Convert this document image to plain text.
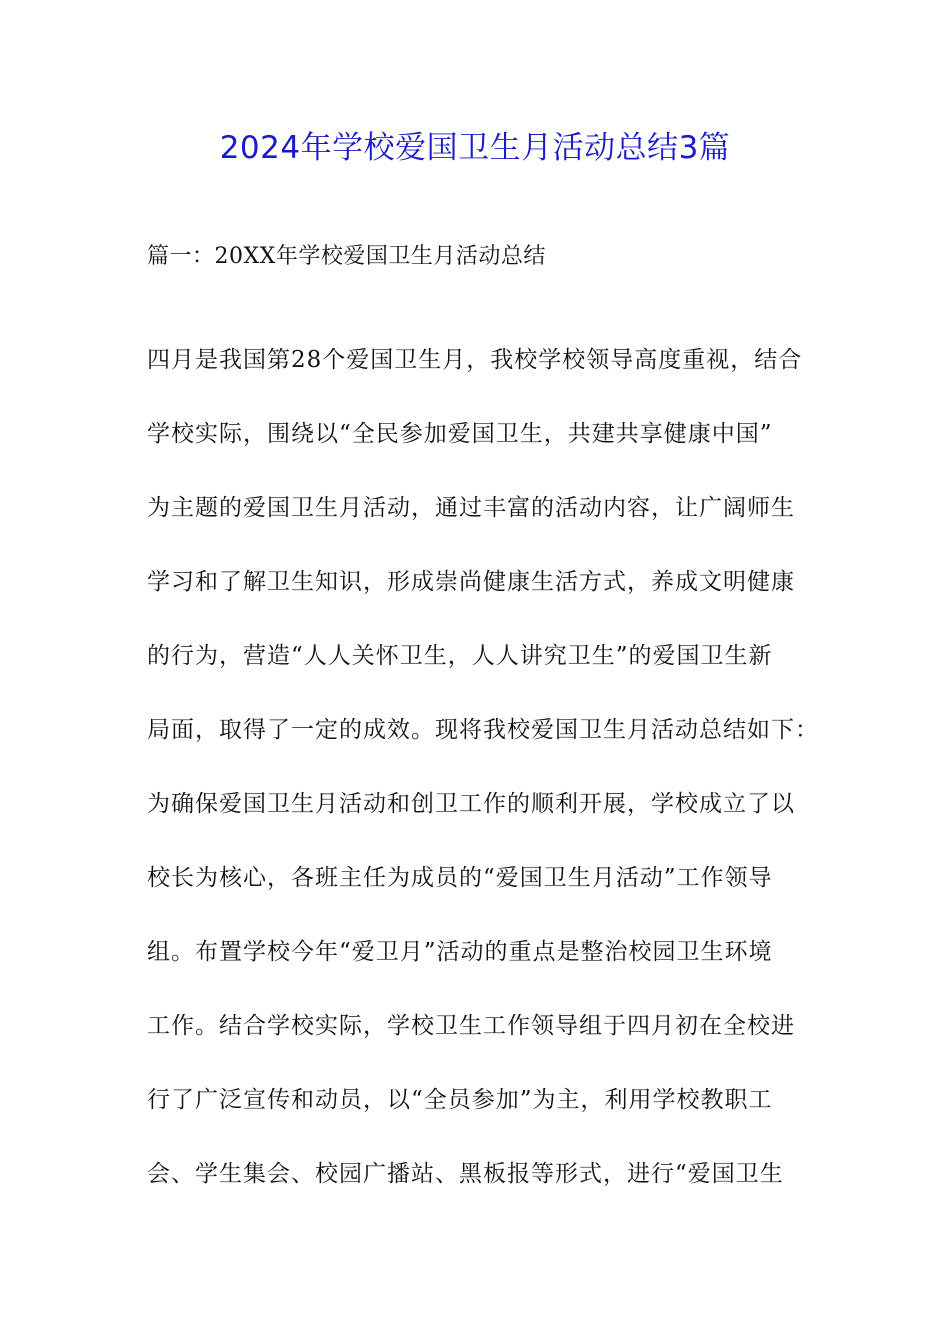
2024年学校爱国卫生月活动总结3篇
篇一：20XX年学校爱国卫生月活动总结
四月是我国第28个爱国卫生月，我校学校领导高度重视，结合
学校实际，围绕以“全民参加爱国卫生，共建共享健康中国”
为主题的爱国卫生月活动，通过丰富的活动内容，让广阔师生
学习和了解卫生知识，形成崇尚健康生活方式，养成文明健康
的行为，营造“人人关怀卫生，人人讲究卫生”的爱国卫生新
局面，取得了一定的成效。现将我校爱国卫生月活动总结如下：
为确保爱国卫生月活动和创卫工作的顺利开展，学校成立了以
校长为核心，各班主任为成员的“爱国卫生月活动”工作领导
组。布置学校今年“爱卫月”活动的重点是整治校园卫生环境
工作。结合学校实际，学校卫生工作领导组于四月初在全校进
行了广泛宣传和动员，以“全员参加”为主，利用学校教职工
会、学生集会、校园广播站、黑板报等形式，进行“爱国卫生
